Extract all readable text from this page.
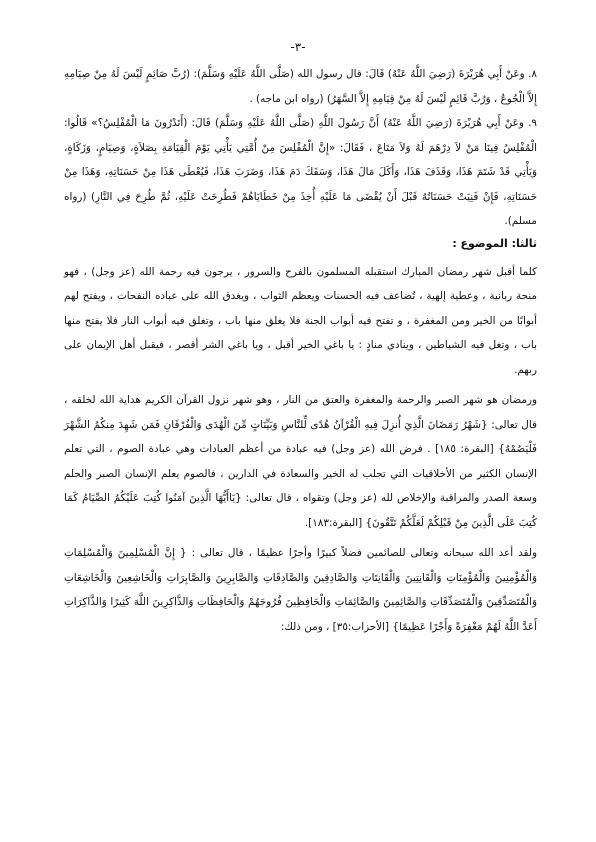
-٣-

٨. وعَنْ أَبِي هُرَيْرَةَ (رَضِيَ اللَّهُ عَنْهُ) قَالَ: قال رسول الله (صَلَّى اللَّهُ عَلَيْهِ وَسَلَّمَ): (رُبَّ صَائِمٍ لَيْسَ لَهُ مِنْ صِيَامِهِ إِلاَّ الْجُوعُ ، وَرُبَّ قَائِمٍ لَيْسَ لَهُ مِنْ قِيَامِهِ إِلاَّ السَّهَرُ) (رواه ابن ماجه) .

٩. وعَنْ أَبِي هُرَيْرَةَ (رَضِيَ اللَّهُ عَنْهُ) أَنَّ رَسُولَ اللَّهِ (صَلَّى اللَّهُ عَلَيْهِ وَسَلَّمَ) قَالَ: (أَتَدْرُونَ مَا الْمُفْلِسُ؟» قَالُوا: الْمُفْلِسُ فِينَا مَنْ لاَ دِرْهَمَ لَهُ وَلاَ مَتَاعَ ، فَقَالَ: «إِنَّ الْمُفْلِسَ مِنْ أُمَّتِي يَأْتِي يَوْمَ الْقِيَامَةِ بِصَلاَةٍ، وَصِيَامٍ، وَزَكَاةٍ، وَيَأْتِي قَدْ شَتَمَ هَذَا، وَقَذَفَ هَذَا، وَأَكَلَ مَالَ هَذَا، وَسَفَكَ دَمَ هَذَا، وَضَرَبَ هَذَا، فَيُعْطَى هَذَا مِنْ حَسَنَاتِهِ، وَهَذَا مِنْ حَسَنَاتِهِ، فَإِنْ فَنِيَتْ حَسَنَاتُهُ قَبْلَ أَنْ يُقْضَى مَا عَلَيْهِ أُخِذَ مِنْ خَطَايَاهُمْ فَطُرِحَتْ عَلَيْهِ، ثُمَّ طُرِحَ فِي النَّارِ) (رواه مسلم).

ثالثا: الموضوع :

كلما أقبل شهر رمضان المبارك استقبله المسلمون بالفرح والسرور ، يرجون فيه رحمة الله (عز وجل) ، فهو منحة ربانية ، وعطية إلهية ، تُضاعف فيه الحسنات ويعظم الثواب ، ويغدق الله على عباده النفحات ، ويفتح لهم أبوابًا من الخير ومن المغفرة ، و تفتح فيه أبواب الجنة فلا يغلق منها باب ، وتغلق فيه أبواب النار فلا يفتح منها باب ، وتغل فيه الشياطين ، وينادي منادٍ : يا باغي الخير أقبل ، ويا باغي الشر أقصر ، فيقبل أهل الإيمان على ربهم.

ورمضان هو شهر الصبر والرحمة والمغفرة والعتق من النار ، وهو شهر نزول القرآن الكريم هداية الله لخلقه ، قال تعالى: {شَهْرُ رَمَضَانَ الَّذِيَ أُنزِلَ فِيهِ الْقُرْآنُ هُدًى لِّلنَّاسِ وَبَيِّنَاتٍ مِّنَ الْهُدَى وَالْفُرْقَانِ فَمَن شَهِدَ مِنكُمُ الشَّهْرَ فَلْيَصُمْهُ} [البقرة: ١٨٥] . فرض الله (عز وجل) فيه عبادة من أعظم العبادات وهي عبادة الصوم ، التي تعلم الإنسان الكثير من الأخلاقيات التي تجلب له الخير والسعادة في الدارين ، فالصوم يعلم الإنسان الصبر والحلم وسعة الصدر والمراقبة والإخلاص لله (عز وجل) وتقواه ، قال تعالى: {يَاأَيُّهَا الَّذِينَ آمَنُوا كُتِبَ عَلَيْكُمُ الصِّيَامُ كَمَا كُتِبَ عَلَى الَّذِينَ مِنْ قَبْلِكُمْ لَعَلَّكُمْ تَتَّقُونَ} [البقرة:١٨٣].

ولقد أعد الله سبحانه وتعالى للصائمين فضلاً كبيرًا وأجرًا عظيمًا ، قال تعالى : { إِنَّ الْمُسْلِمِينَ وَالْمُسْلِمَاتِ وَالْمُؤْمِنِينَ وَالْمُؤْمِنَاتِ وَالْقَانِتِينَ وَالْقَانِتَاتِ وَالصَّادِقِينَ وَالصَّادِقَاتِ وَالصَّابِرِينَ وَالصَّابِرَاتِ وَالْخَاشِعِينَ وَالْخَاشِعَاتِ وَالْمُتَصَدِّقِينَ وَالْمُتَصَدِّقَاتِ وَالصَّائِمِينَ وَالصَّائِمَاتِ وَالْحَافِظِينَ فُرُوجَهُمْ وَالْحَافِظَاتِ وَالذَّاكِرِينَ اللَّهَ كَثِيرًا وَالذَّاكِرَاتِ أَعَدَّ اللَّهُ لَهُمْ مَغْفِرَةً وَأَجْرًا عَظِيمًا} [الأحزاب:٣٥] ، ومن ذلك:
